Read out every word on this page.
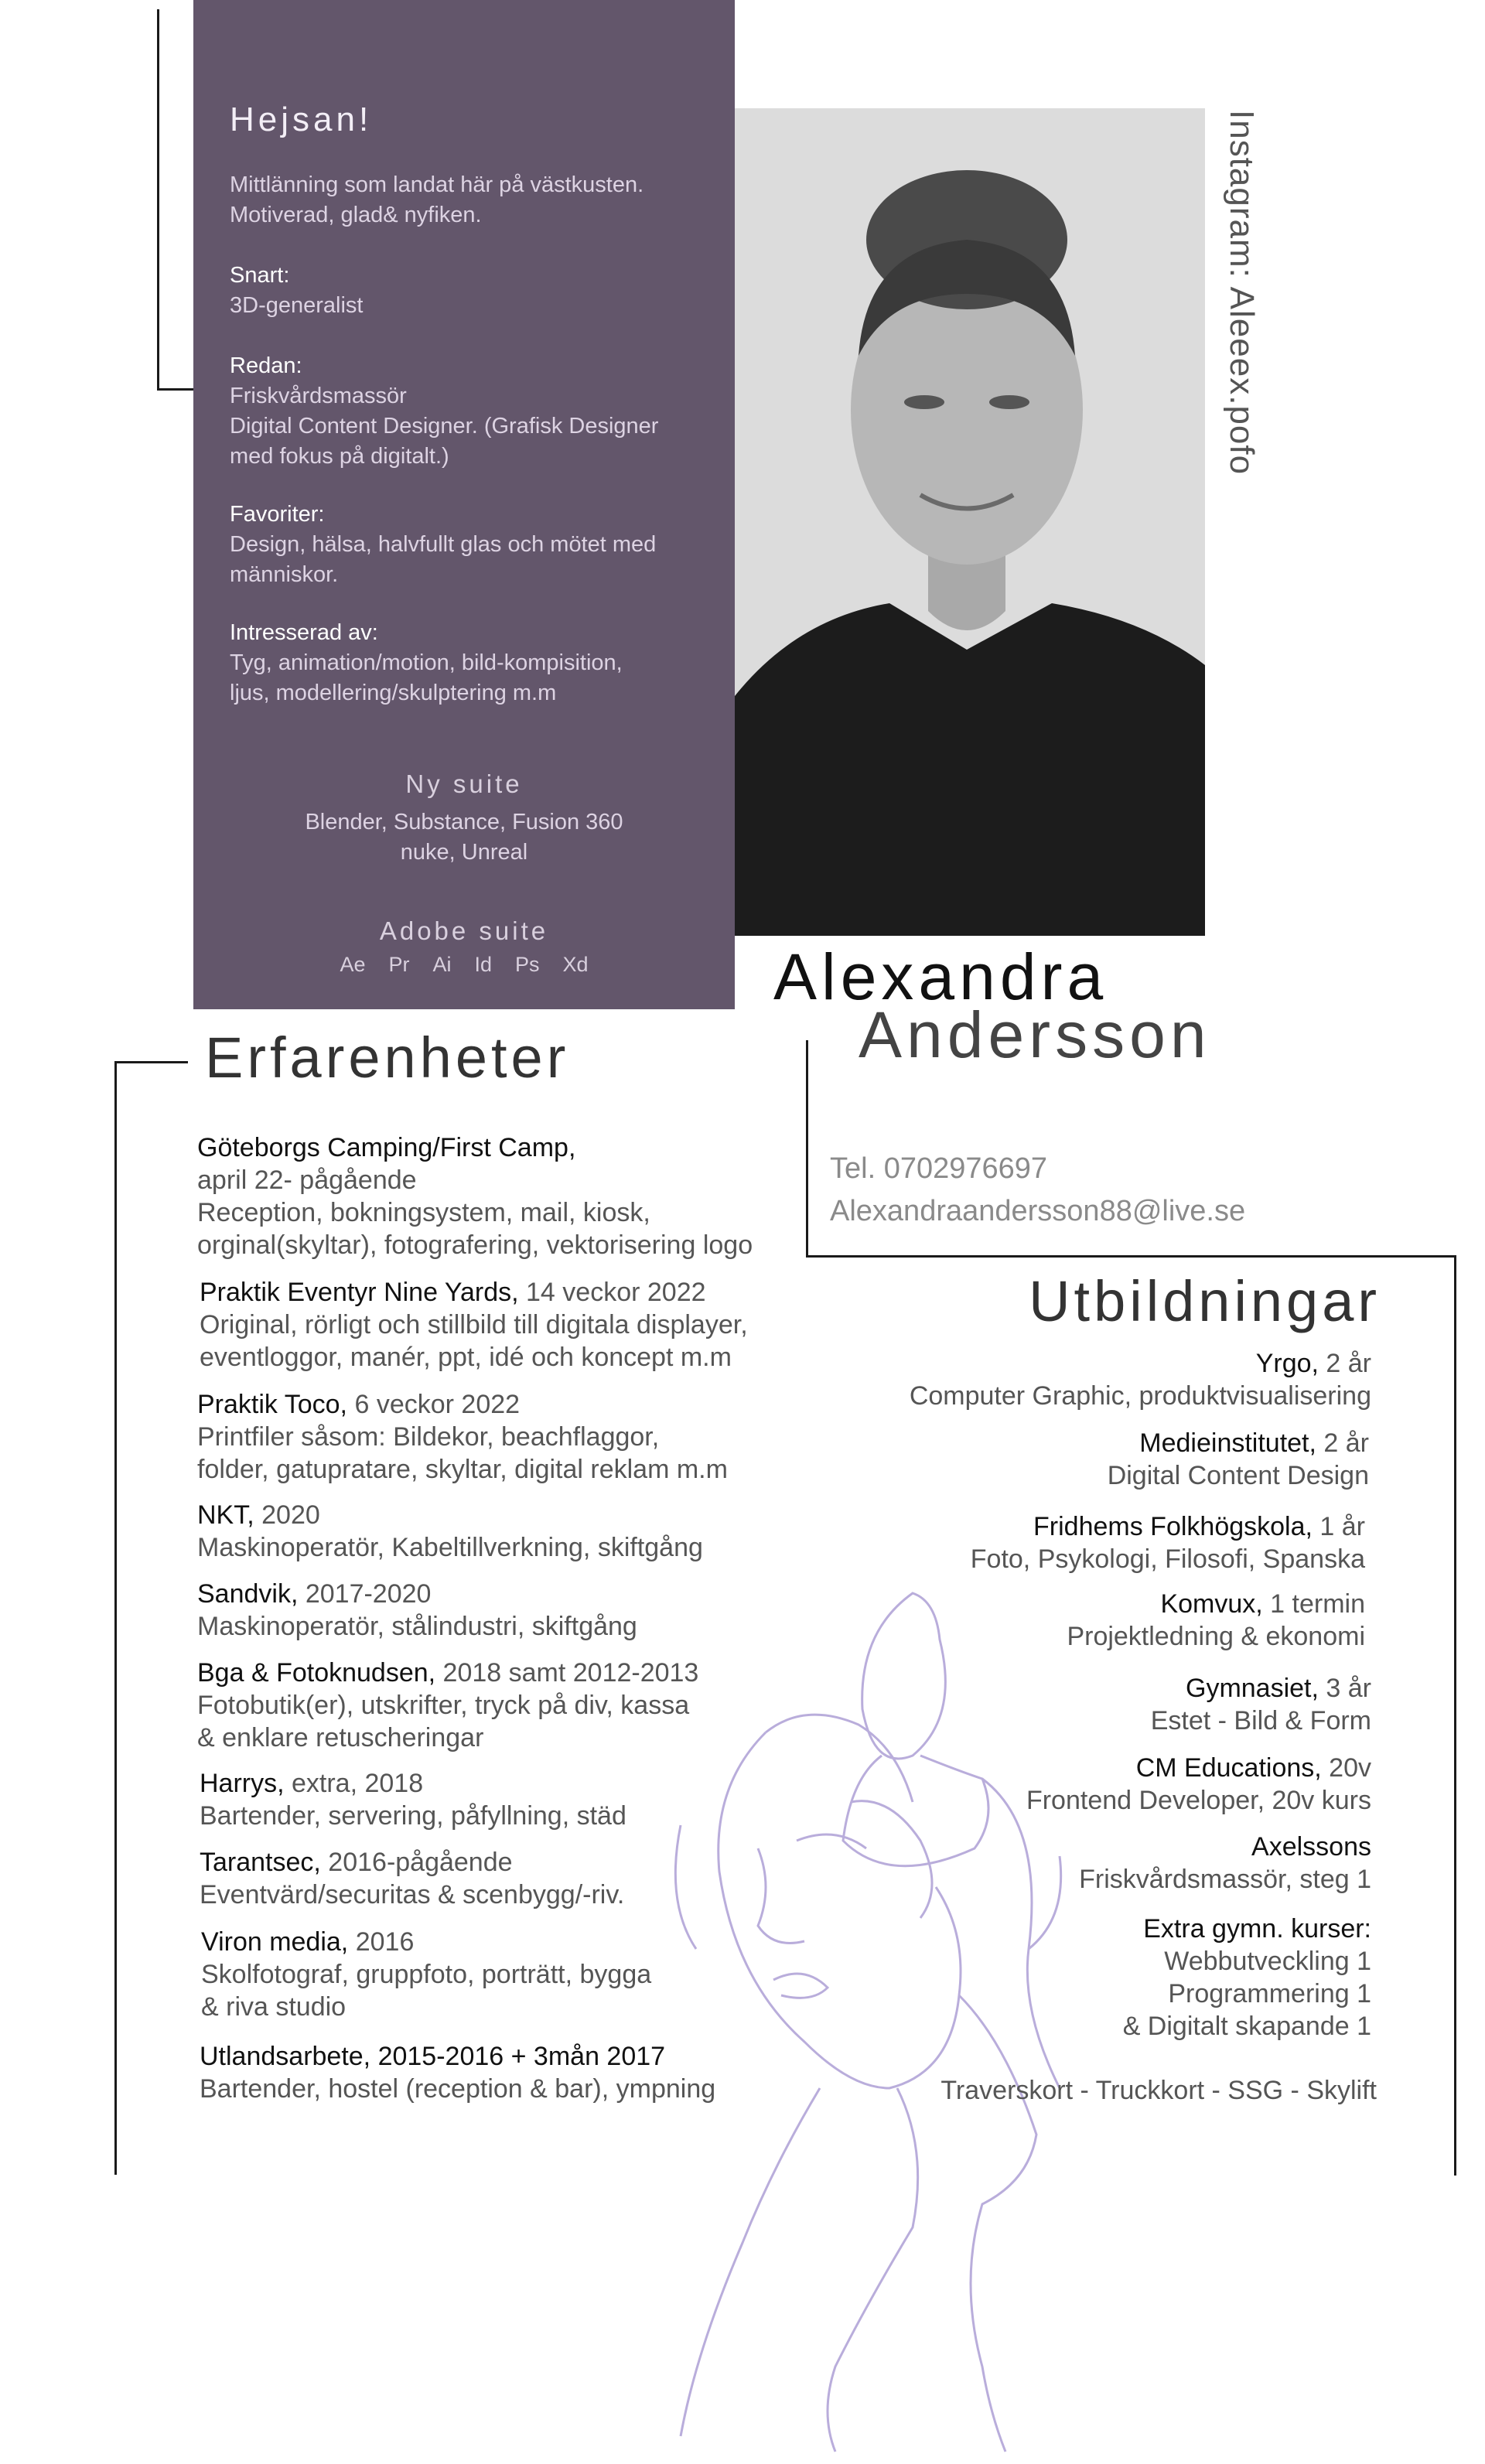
Hejsan!
Mittlänning som landat här på västkusten.
Motiverad, glad& nyfiken.
Snart:
3D-generalist
Redan:
Friskvårdsmassör
Digital Content Designer. (Grafisk Designer
med fokus på digitalt.)
Favoriter:
Design, hälsa, halvfullt glas och mötet med
människor.
Intresserad av:
Tyg, animation/motion, bild-kompisition,
ljus, modellering/skulptering m.m
Ny suite
Blender, Substance, Fusion 360
nuke, Unreal
Adobe suite
Ae Pr Ai Id Ps Xd
Instagram: Aleeex.pofo
Alexandra
Andersson
Tel. 0702976697
Alexandraandersson88@live.se
Erfarenheter
Göteborgs Camping/First Camp,
april 22- pågående
Reception, bokningsystem, mail, kiosk,
orginal(skyltar), fotografering, vektorisering logo
Praktik Eventyr Nine Yards, 14 veckor 2022
Original, rörligt och stillbild till digitala displayer,
eventloggor, manér, ppt, idé och koncept m.m
Praktik Toco, 6 veckor 2022
Printfiler såsom: Bildekor, beachflaggor,
folder, gatupratare, skyltar, digital reklam m.m
NKT, 2020
Maskinoperatör, Kabeltillverkning, skiftgång
Sandvik, 2017-2020
Maskinoperatör, stålindustri, skiftgång
Bga & Fotoknudsen, 2018 samt 2012-2013
Fotobutik(er), utskrifter, tryck på div, kassa
& enklare retuscheringar
Harrys, extra, 2018
Bartender, servering, påfyllning, städ
Tarantsec, 2016-pågående
Eventvärd/securitas & scenbygg/-riv.
Viron media, 2016
Skolfotograf, gruppfoto, porträtt, bygga
& riva studio
Utlandsarbete, 2015-2016 + 3mån 2017
Bartender, hostel (reception & bar), ympning
Utbildningar
Yrgo, 2 år
Computer Graphic, produktvisualisering
Medieinstitutet, 2 år
Digital Content Design
Fridhems Folkhögskola, 1 år
Foto, Psykologi, Filosofi, Spanska
Komvux, 1 termin
Projektledning & ekonomi
Gymnasiet, 3 år
Estet - Bild & Form
CM Educations, 20v
Frontend Developer, 20v kurs
Axelssons
Friskvårdsmassör, steg 1
Extra gymn. kurser:
Webbutveckling 1
Programmering 1
& Digitalt skapande 1
Traverskort - Truckkort - SSG - Skylift
